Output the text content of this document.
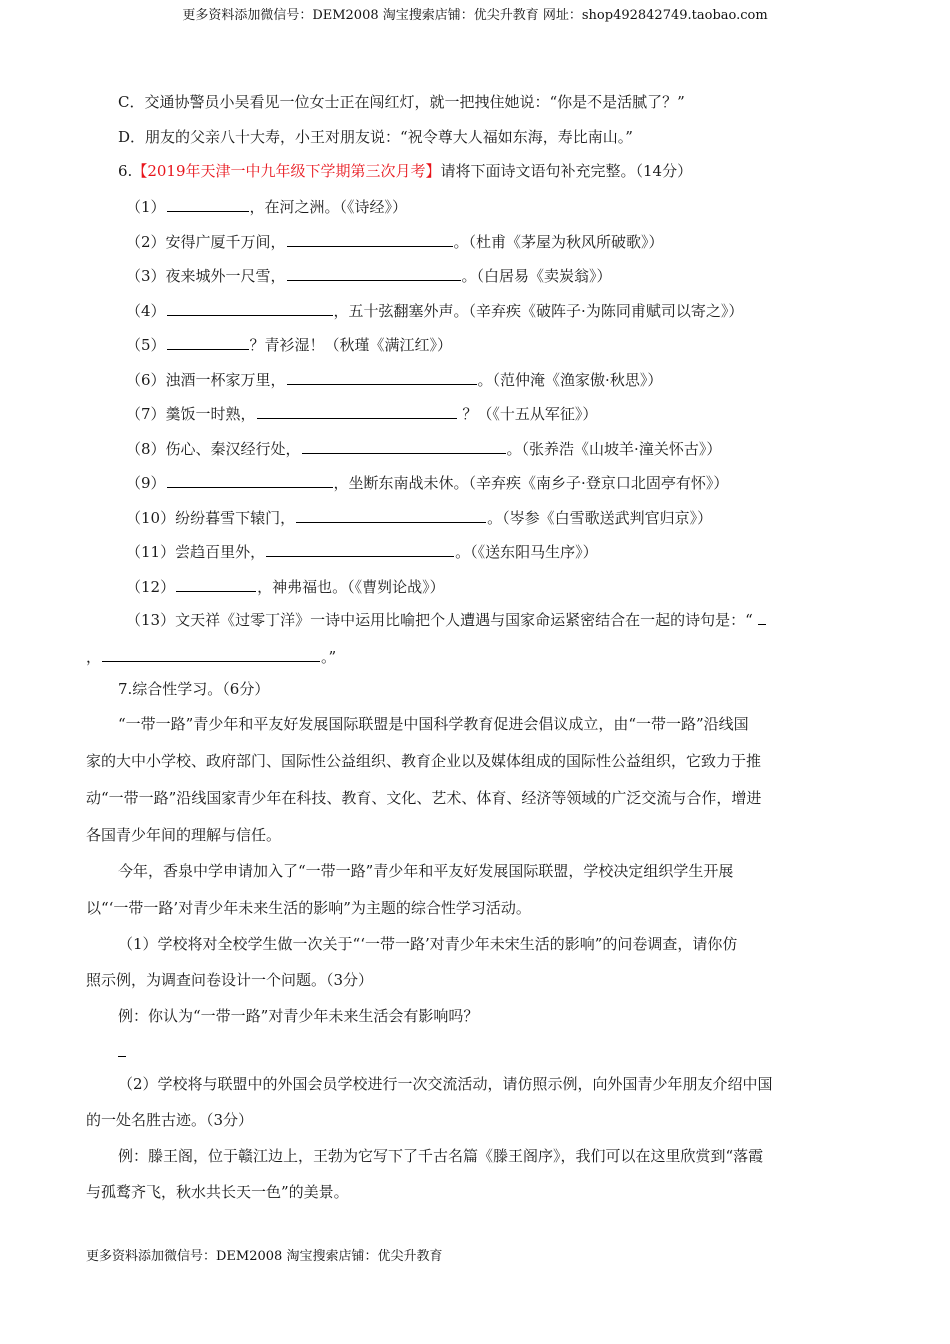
更多资料添加微信号：DEM2008 淘宝搜索店铺：优尖升教育 网址：shop492842749.taobao.com
C．交通协警员小吴看见一位女士正在闯红灯，就一把拽住她说：“你是不是活腻了？”
D．朋友的父亲八十大寿，小王对朋友说：“祝令尊大人福如东海，寿比南山。”
6.【2019年天津一中九年级下学期第三次月考】请将下面诗文语句补充完整。（14分）
（1）	，在河之洲。（《诗经》）
（2）安得广厦千万间，	。（杜甫《茅屋为秋风所破歌》）
（3）夜来城外一尺雪，	。（白居易《卖炭翁》）
（4）	，五十弦翻塞外声。（辛弃疾《破阵子·为陈同甫赋司以寄之》）
（5）	？青衫湿！（秋瑾《满江红》）
（6）浊酒一杯家万里，	。（范仲淹《渔家傲·秋思》）
（7）羹饭一时熟，	？（《十五从军征》）
（8）伤心、秦汉经行处，	。（张养浩《山坡羊·潼关怀古》）
（9）	，坐断东南战未休。（辛弃疾《南乡子·登京口北固亭有怀》）
（10）纷纷暮雪下辕门，	。（岑参《白雪歌送武判官归京》）
（11）尝趋百里外，	。（《送东阳马生序》）
（12）	，神弗福也。（《曹刿论战》）
（13）文天祥《过零丁洋》一诗中运用比喻把个人遭遇与国家命运紧密结合在一起的诗句是：“
，	。”
7.综合性学习。（6分）
“一带一路”青少年和平友好发展国际联盟是中国科学教育促进会倡议成立，由“一带一路”沿线国
家的大中小学校、政府部门、国际性公益组织、教育企业以及媒体组成的国际性公益组织，它致力于推
动“一带一路”沿线国家青少年在科技、教育、文化、艺术、体育、经济等领域的广泛交流与合作，增进
各国青少年间的理解与信任。
今年，香泉中学申请加入了“一带一路”青少年和平友好发展国际联盟，学校决定组织学生开展
以“‘一带一路’对青少年未来生活的影响”为主题的综合性学习活动。
（1）学校将对全校学生做一次关于“‘一带一路’对青少年未宋生活的影响”的问卷调查，请你仿
照示例，为调查问卷设计一个问题。（3分）
例：你认为“一带一路”对青少年未来生活会有影响吗？
（2）学校将与联盟中的外国会员学校进行一次交流活动，请仿照示例，向外国青少年朋友介绍中国
的一处名胜古迹。（3分）
例：滕王阁，位于赣江边上，王勃为它写下了千古名篇《滕王阁序》，我们可以在这里欣赏到“落霞
与孤鹜齐飞，秋水共长天一色”的美景。
更多资料添加微信号：DEM2008 淘宝搜索店铺：优尖升教育
